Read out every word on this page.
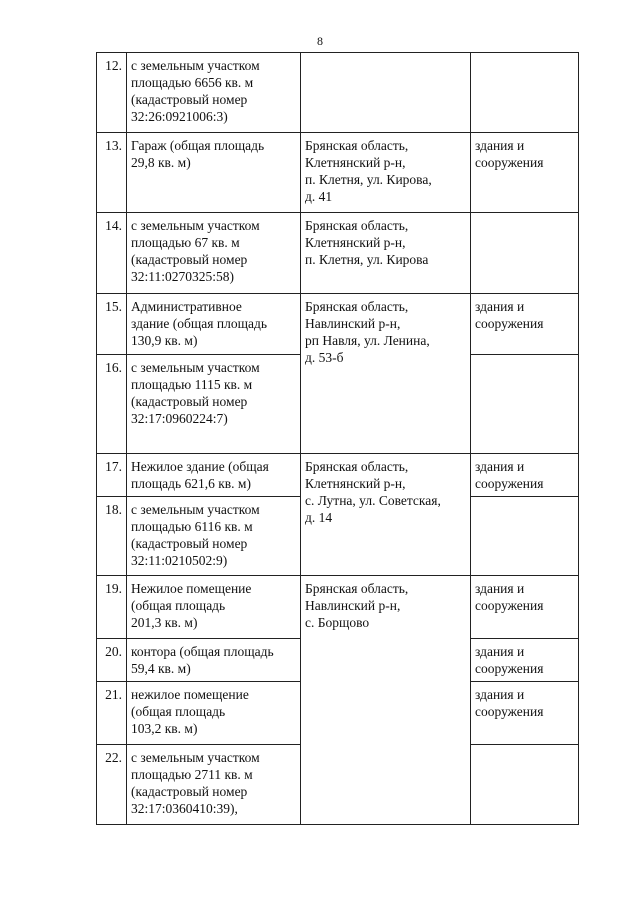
8
12.	с земельным участком
площадью 6656 кв. м
(кадастровый номер
32:26:0921006:3)		
13.	Гараж (общая площадь
29,8 кв. м)	Брянская область,
Клетнянский р-н,
п. Клетня, ул. Кирова,
д. 41	здания и
сооружения
14.	с земельным участком
площадью 67 кв. м
(кадастровый номер
32:11:0270325:58)	Брянская область,
Клетнянский р-н,
п. Клетня, ул. Кирова	
15.	Административное
здание (общая площадь
130,9 кв. м)	Брянская область,
Навлинский р-н,
рп Навля, ул. Ленина,
д. 53-б	здания и
сооружения
16.	с земельным участком
площадью 1115 кв. м
(кадастровый номер
32:17:0960224:7)		
17.	Нежилое здание (общая
площадь 621,6 кв. м)	Брянская область,
Клетнянский р-н,
с. Лутна, ул. Советская,
д. 14	здания и
сооружения
18.	с земельным участком
площадью 6116 кв. м
(кадастровый номер
32:11:0210502:9)		
19.	Нежилое помещение
(общая площадь
201,3 кв. м)	Брянская область,
Навлинский р-н,
с. Борщово	здания и
сооружения
20.	контора (общая площадь
59,4 кв. м)		здания и
сооружения
21.	нежилое помещение
(общая площадь
103,2 кв. м)		здания и
сооружения
22.	с земельным участком
площадью 2711 кв. м
(кадастровый номер
32:17:0360410:39),		
